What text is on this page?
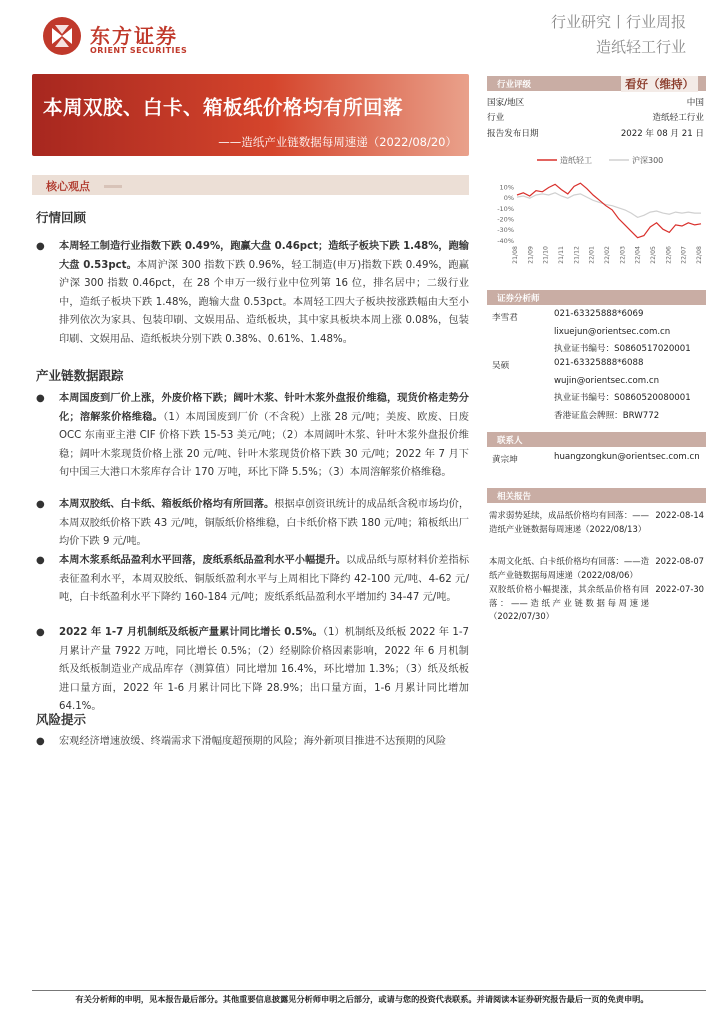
东方证券
ORIENT SECURITIES
行业研究丨行业周报
造纸轻工行业
本周双胶、白卡、箱板纸价格均有所回落
——造纸产业链数据每周速递（2022/08/20）
核心观点
行情回顾
● 本周轻工制造行业指数下跌 0.49%，跑赢大盘 0.46pct；造纸子板块下跌 1.48%，跑输大盘 0.53pct。本周沪深 300 指数下跌 0.96%，轻工制造(申万)指数下跌 0.49%，跑赢沪深 300 指数 0.46pct，在 28 个申万一级行业中位列第 16 位，排名居中；二级行业中，造纸子板块下跌 1.48%，跑输大盘 0.53pct。本周轻工四大子板块按涨跌幅由大至小排列依次为家具、包装印刷、文娱用品、造纸板块，其中家具板块本周上涨 0.08%，包装印刷、文娱用品、造纸板块分别下跌 0.38%、0.61%、1.48%。
产业链数据跟踪
● 本周国废到厂价上涨，外废价格下跌；阔叶木浆、针叶木浆外盘报价维稳，现货价格走势分化；溶解浆价格维稳。（1）本周国废到厂价（不含税）上涨 28 元/吨；美废、欧废、日废 OCC 东南亚主港 CIF 价格下跌 15-53 美元/吨；（2）本周阔叶木浆、针叶木浆外盘报价维稳；阔叶木浆现货价格上涨 20 元/吨、针叶木浆现货价格下跌 30 元/吨；2022 年 7 月下旬中国三大港口木浆库存合计 170 万吨，环比下降 5.5%；（3）本周溶解浆价格维稳。
● 本周双胶纸、白卡纸、箱板纸价格均有所回落。根据卓创资讯统计的成品纸含税市场均价，本周双胶纸价格下跌 43 元/吨，铜版纸价格维稳，白卡纸价格下跌 180 元/吨；箱板纸出厂均价下跌 9 元/吨。
● 本周木浆系纸品盈利水平回落，废纸系纸品盈利水平小幅提升。以成品纸与原材料价差指标表征盈利水平，本周双胶纸、铜版纸盈利水平与上周相比下降约 42-100 元/吨、4-62 元/吨，白卡纸盈利水平下降约 160-184 元/吨；废纸系纸品盈利水平增加约 34-47 元/吨。
● 2022 年 1-7 月机制纸及纸板产量累计同比增长 0.5%。（1）机制纸及纸板 2022 年 1-7 月累计产量 7922 万吨，同比增长 0.5%；（2）经剔除价格因素影响，2022 年 6 月机制纸及纸板制造业产成品库存（测算值）同比增加 16.4%，环比增加 1.3%；（3）纸及纸板进口量方面，2022 年 1-6 月累计同比下降 28.9%；出口量方面，1-6 月累计同比增加 64.1%。
风险提示
● 宏观经济增速放缓、终端需求下滑幅度超预期的风险；海外新项目推进不达预期的风险
行业评级	看好（维持）
国家/地区	中国
行业	造纸轻工行业
报告发布日期	2022 年 08 月 21 日
造纸轻工	沪深300
10%
0%
-10%
-20%
-30%
-40%
21/08 21/09 21/10 21/11 21/12 22/01 22/02 22/03 22/04 22/05 22/06 22/07 22/08
证券分析师
李雪君	021-63325888*6069
lixuejun@orientsec.com.cn
执业证书编号：S0860517020001
吴硕	021-63325888*6088
wujin@orientsec.com.cn
执业证书编号：S0860520080001
香港证监会牌照：BRW772
联系人
黄宗坤	huangzongkun@orientsec.com.cn
相关报告
需求弱势延续，成品纸价格均有回落：——造纸产业链数据每周速递（2022/08/13）
2022-08-14
本周文化纸、白卡纸价格均有回落：——造纸产业链数据每周速递（2022/08/06）
2022-08-07
双胶纸价格小幅提涨，其余纸品价格有回落：——造纸产业链数据每周速递（2022/07/30）
2022-07-30
有关分析师的申明，见本报告最后部分。其他重要信息披露见分析师申明之后部分，或请与您的投资代表联系。并请阅读本证券研究报告最后一页的免责申明。
